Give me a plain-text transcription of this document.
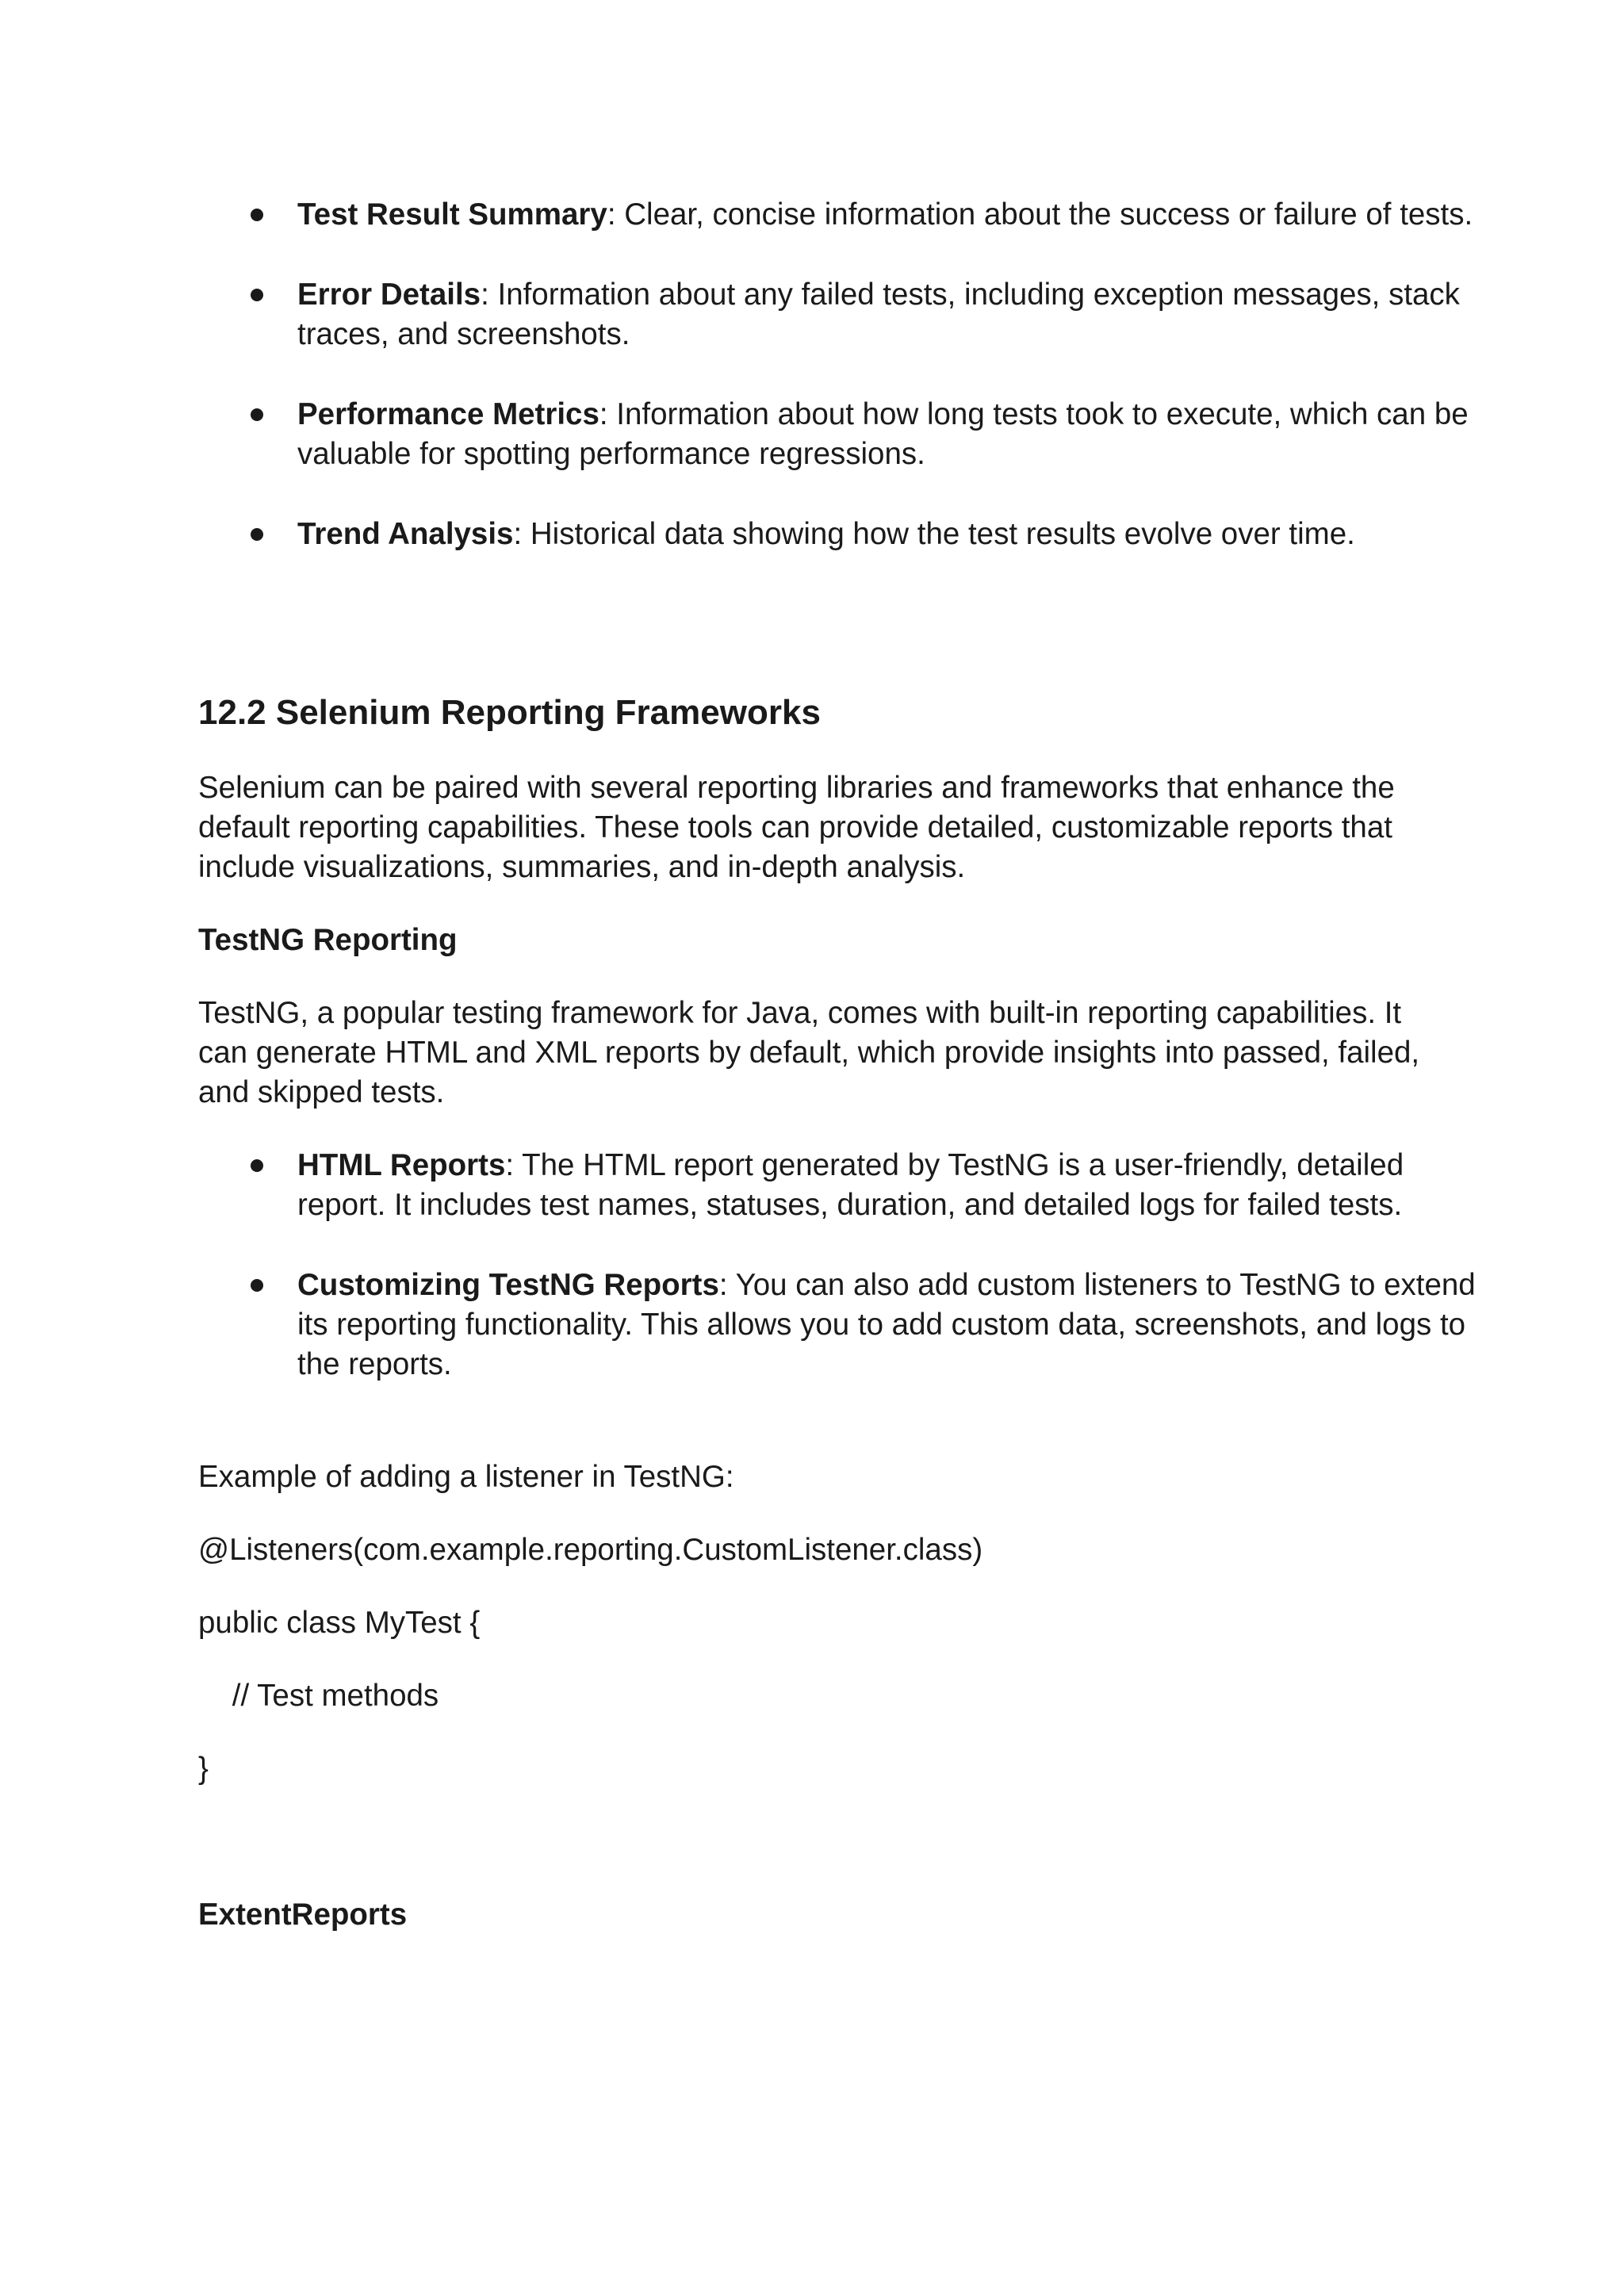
Test Result Summary: Clear, concise information about the success or failure of tests.
Error Details: Information about any failed tests, including exception messages, stack traces, and screenshots.
Performance Metrics: Information about how long tests took to execute, which can be valuable for spotting performance regressions.
Trend Analysis: Historical data showing how the test results evolve over time.
12.2 Selenium Reporting Frameworks

Selenium can be paired with several reporting libraries and frameworks that enhance the default reporting capabilities. These tools can provide detailed, customizable reports that include visualizations, summaries, and in-depth analysis.

TestNG Reporting

TestNG, a popular testing framework for Java, comes with built-in reporting capabilities. It can generate HTML and XML reports by default, which provide insights into passed, failed, and skipped tests.

HTML Reports: The HTML report generated by TestNG is a user-friendly, detailed report. It includes test names, statuses, duration, and detailed logs for failed tests.
Customizing TestNG Reports: You can also add custom listeners to TestNG to extend its reporting functionality. This allows you to add custom data, screenshots, and logs to the reports.

Example of adding a listener in TestNG:

@Listeners(com.example.reporting.CustomListener.class)

public class MyTest {

// Test methods

}

ExtentReports
